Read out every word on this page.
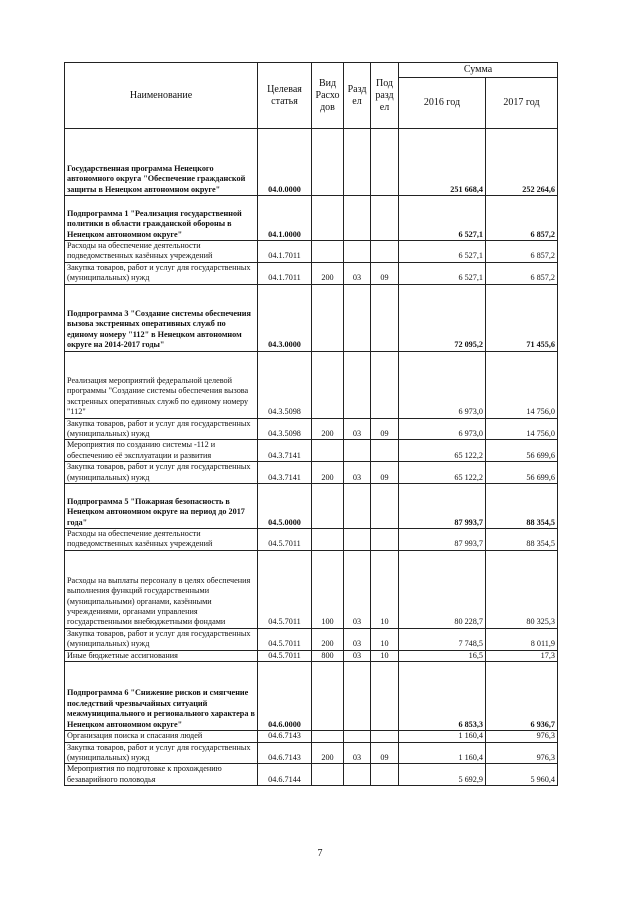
Наименование	Целевая статья	Вид Расхо дов	Разд ел	Под разд ел	Сумма	
					2016 год	2017 год
Государственная программа Ненецкого автономного округа "Обеспечение гражданской защиты в Ненецком автономном округе"	04.0.0000				251 668,4	252 264,6
Подпрограмма 1 "Реализация государственной политики в области гражданской обороны в Ненецком автономном округе"	04.1.0000				6 527,1	6 857,2
Расходы на обеспечение деятельности подведомственных казённых учреждений	04.1.7011				6 527,1	6 857,2
Закупка товаров, работ и услуг для государственных (муниципальных) нужд	04.1.7011	200	03	09	6 527,1	6 857,2
Подпрограмма 3 "Создание системы обеспечения вызова экстренных оперативных служб по единому номеру "112" в Ненецком автономном округе на 2014-2017 годы"	04.3.0000				72 095,2	71 455,6
Реализация мероприятий федеральной целевой программы "Создание системы обеспечения вызова экстренных оперативных служб по единому номеру "112"	04.3.5098				6 973,0	14 756,0
Закупка товаров, работ и услуг для государственных (муниципальных) нужд	04.3.5098	200	03	09	6 973,0	14 756,0
Мероприятия по созданию системы -112 и обеспечению её эксплуатации и развития	04.3.7141				65 122,2	56 699,6
Закупка товаров, работ и услуг для государственных (муниципальных) нужд	04.3.7141	200	03	09	65 122,2	56 699,6
Подпрограмма 5 "Пожарная безопасность в Ненецком автономном округе на период до 2017 года"	04.5.0000				87 993,7	88 354,5
Расходы на обеспечение деятельности подведомственных казённых учреждений	04.5.7011				87 993,7	88 354,5
Расходы на выплаты персоналу в целях обеспечения выполнения функций государственными (муниципальными) органами, казёнными учреждениями, органами управления государственными внебюджетными фондами	04.5.7011	100	03	10	80 228,7	80 325,3
Закупка товаров, работ и услуг для государственных (муниципальных) нужд	04.5.7011	200	03	10	7 748,5	8 011,9
Иные бюджетные ассигнования	04.5.7011	800	03	10	16,5	17,3
Подпрограмма 6 "Снижение рисков и смягчение последствий чрезвычайных ситуаций межмуниципального и регионального характера в Ненецком автономном округе"	04.6.0000				6 853,3	6 936,7
Организация поиска и спасания людей	04.6.7143				1 160,4	976,3
Закупка товаров, работ и услуг для государственных (муниципальных) нужд	04.6.7143	200	03	09	1 160,4	976,3
Мероприятия по подготовке к прохождению безаварийного половодья	04.6.7144				5 692,9	5 960,4
7
